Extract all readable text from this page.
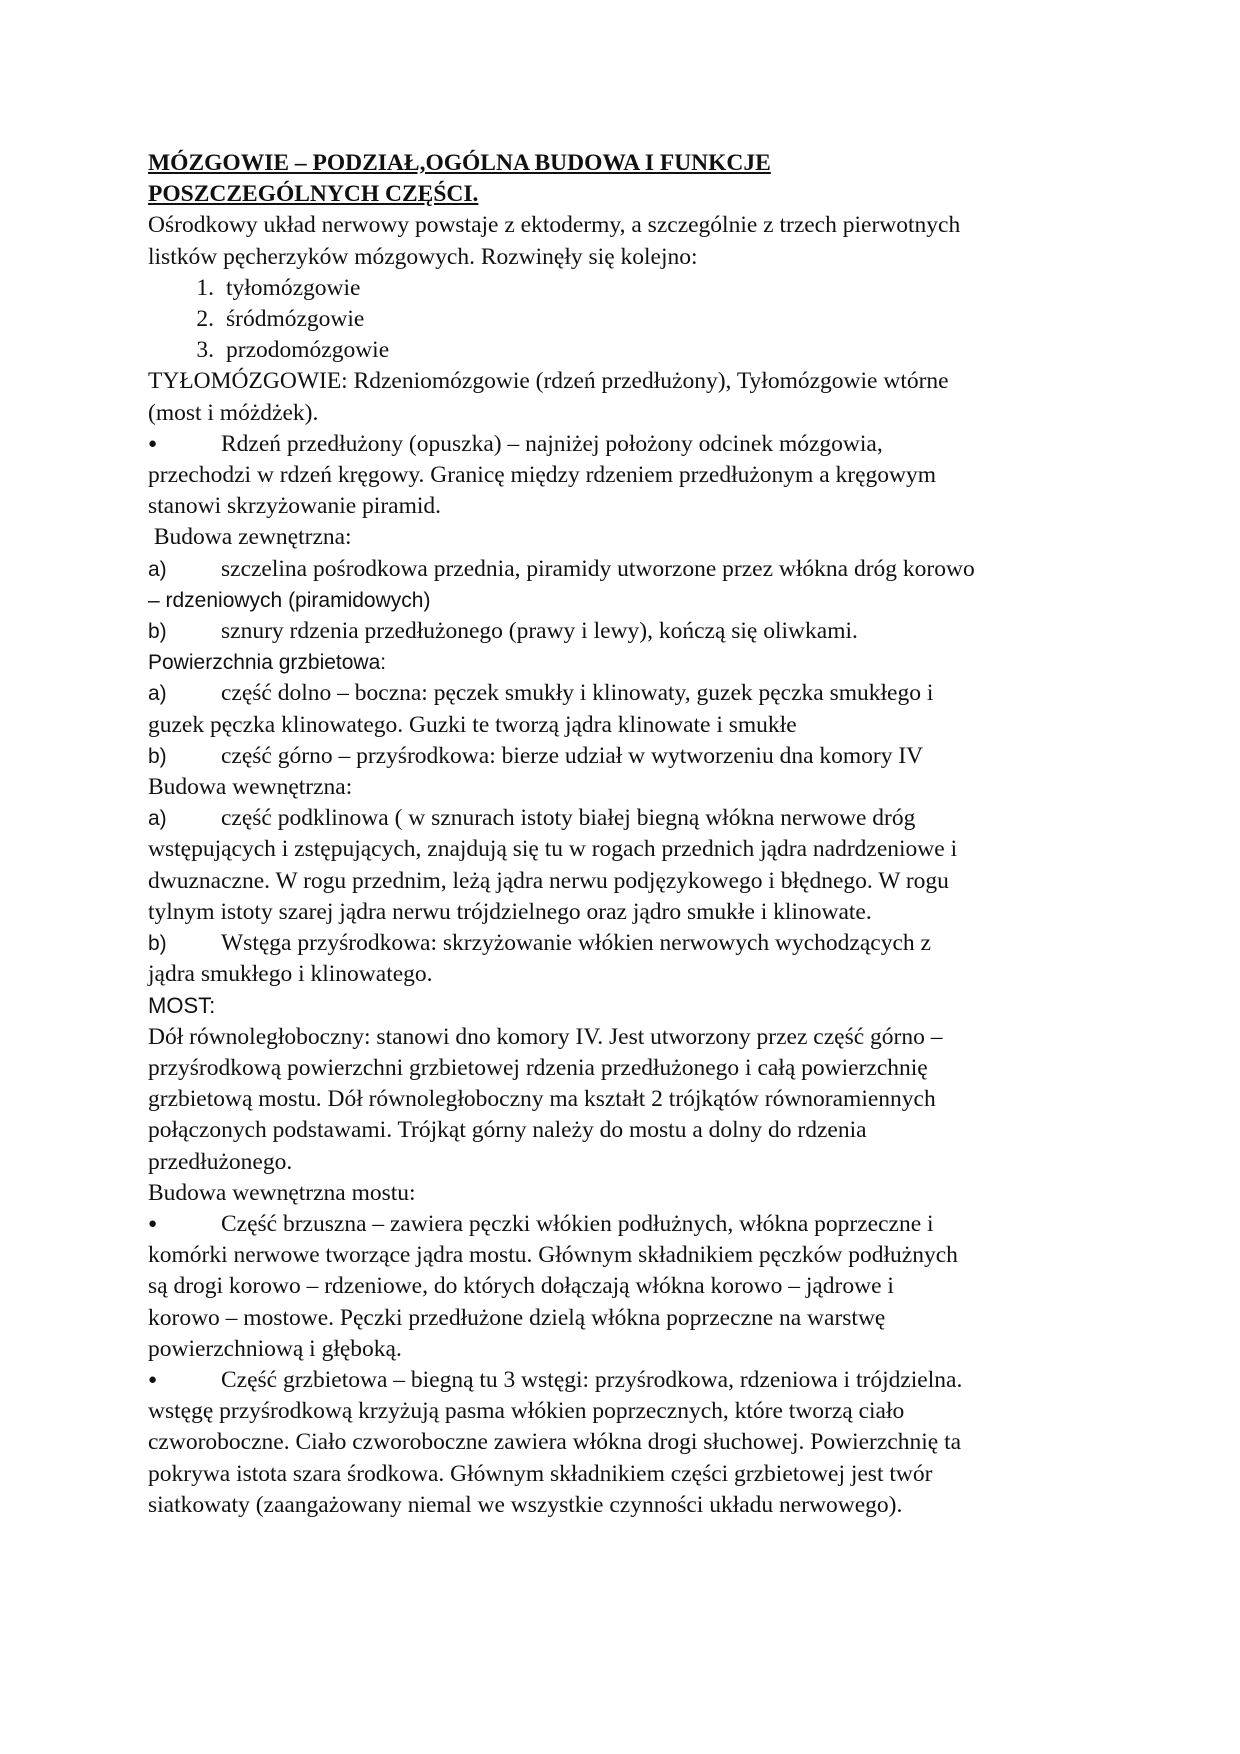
MÓZGOWIE – PODZIAŁ,OGÓLNA BUDOWA I FUNKCJE
POSZCZEGÓLNYCH CZĘŚCI.
Ośrodkowy układ nerwowy powstaje z ektodermy, a szczególnie z trzech pierwotnych
listków pęcherzyków mózgowych. Rozwinęły się kolejno:
1. tyłomózgowie
2. śródmózgowie
3. przodomózgowie
TYŁOMÓZGOWIE: Rdzeniomózgowie (rdzeń przedłużony), Tyłomózgowie wtórne
(most i móżdżek).
●	Rdzeń przedłużony (opuszka) – najniżej położony odcinek mózgowia,
przechodzi w rdzeń kręgowy. Granicę między rdzeniem przedłużonym a kręgowym
stanowi skrzyżowanie piramid.
Budowa zewnętrzna:
a)	szczelina pośrodkowa przednia, piramidy utworzone przez włókna dróg korowo
– rdzeniowych (piramidowych)
b)	sznury rdzenia przedłużonego (prawy i lewy), kończą się oliwkami.
Powierzchnia grzbietowa:
a)	część dolno – boczna: pęczek smukły i klinowaty, guzek pęczka smukłego i
guzek pęczka klinowatego. Guzki te tworzą jądra klinowate i smukłe
b)	część górno – przyśrodkowa: bierze udział w wytworzeniu dna komory IV
Budowa wewnętrzna:
a)	część podklinowa ( w sznurach istoty białej biegną włókna nerwowe dróg
wstępujących i zstępujących, znajdują się tu w rogach przednich jądra nadrdzeniowe i
dwuznaczne. W rogu przednim, leżą jądra nerwu podjęzykowego i błędnego. W rogu
tylnym istoty szarej jądra nerwu trójdzielnego oraz jądro smukłe i klinowate.
b)	Wstęga przyśrodkowa: skrzyżowanie włókien nerwowych wychodzących z
jądra smukłego i klinowatego.
MOST:
Dół równoległoboczny: stanowi dno komory IV. Jest utworzony przez część górno –
przyśrodkową powierzchni grzbietowej rdzenia przedłużonego i całą powierzchnię
grzbietową mostu. Dół równoległoboczny ma kształt 2 trójkątów równoramiennych
połączonych podstawami. Trójkąt górny należy do mostu a dolny do rdzenia
przedłużonego.
Budowa wewnętrzna mostu:
●	Część brzuszna – zawiera pęczki włókien podłużnych, włókna poprzeczne i
komórki nerwowe tworzące jądra mostu. Głównym składnikiem pęczków podłużnych
są drogi korowo – rdzeniowe, do których dołączają włókna korowo – jądrowe i
korowo – mostowe. Pęczki przedłużone dzielą włókna poprzeczne na warstwę
powierzchniową i głęboką.
●	Część grzbietowa – biegną tu 3 wstęgi: przyśrodkowa, rdzeniowa i trójdzielna.
wstęgę przyśrodkową krzyżują pasma włókien poprzecznych, które tworzą ciało
czworoboczne. Ciało czworoboczne zawiera włókna drogi słuchowej. Powierzchnię ta
pokrywa istota szara środkowa. Głównym składnikiem części grzbietowej jest twór
siatkowaty (zaangażowany niemal we wszystkie czynności układu nerwowego).
